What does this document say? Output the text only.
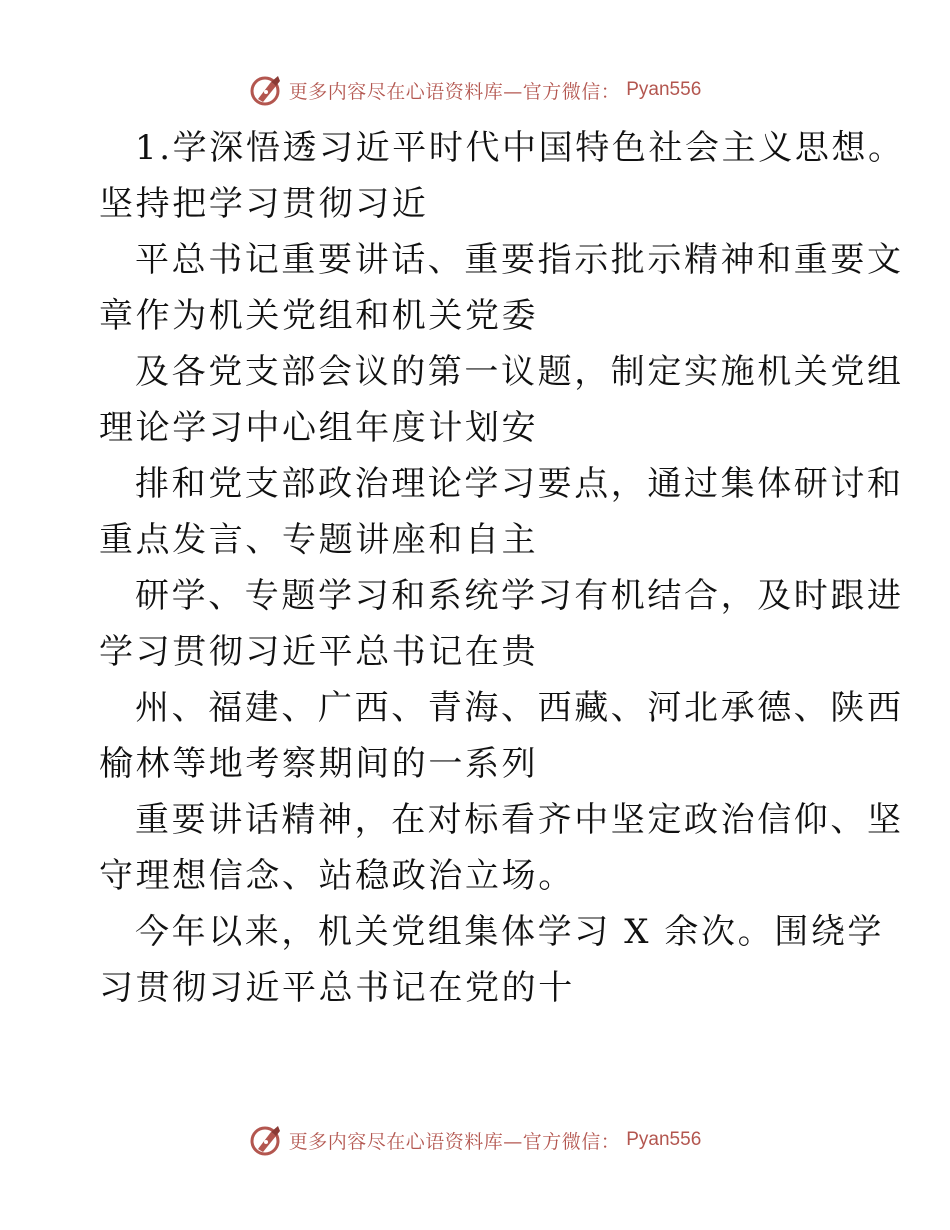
更多内容尽在心语资料库—官方微信： Pyan556

1.学深悟透习近平时代中国特色社会主义思想。

坚持把学习贯彻习近

平总书记重要讲话、重要指示批示精神和重要文

章作为机关党组和机关党委

及各党支部会议的第一议题，制定实施机关党组

理论学习中心组年度计划安

排和党支部政治理论学习要点，通过集体研讨和

重点发言、专题讲座和自主

研学、专题学习和系统学习有机结合，及时跟进

学习贯彻习近平总书记在贵

州、福建、广西、青海、西藏、河北承德、陕西

榆林等地考察期间的一系列

重要讲话精神，在对标看齐中坚定政治信仰、坚

守理想信念、站稳政治立场。

今年以来，机关党组集体学习 X 余次。围绕学

习贯彻习近平总书记在党的十

更多内容尽在心语资料库—官方微信： Pyan556
